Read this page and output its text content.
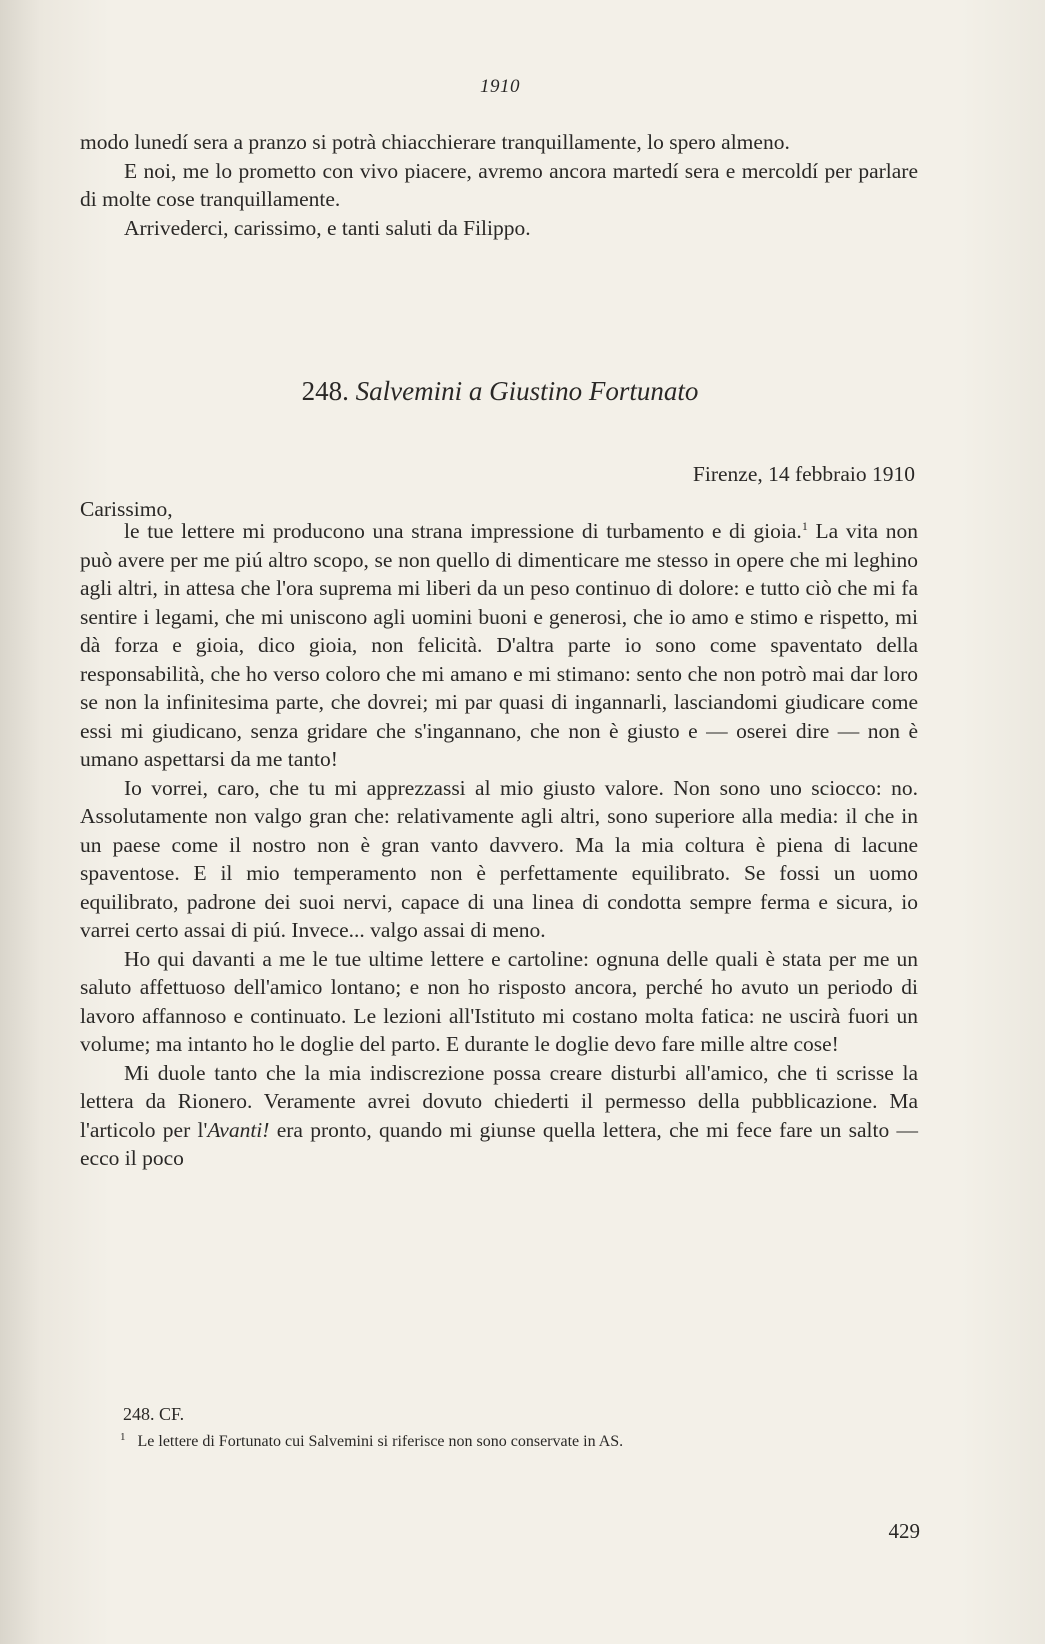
1910

modo lunedí sera a pranzo si potrà chiacchierare tranquillamente, lo spero almeno.

E noi, me lo prometto con vivo piacere, avremo ancora martedí sera e mercoldí per parlare di molte cose tranquillamente.

Arrivederci, carissimo, e tanti saluti da Filippo.

248. Salvemini a Giustino Fortunato
Firenze, 14 febbraio 1910
Carissimo,

le tue lettere mi producono una strana impressione di turbamento e di gioia.$^1$ La vita non può avere per me piú altro scopo, se non quello di dimenticare me stesso in opere che mi leghino agli altri, in attesa che l'ora suprema mi liberi da un peso continuo di dolore: e tutto ciò che mi fa sentire i legami, che mi uniscono agli uomini buoni e generosi, che io amo e stimo e rispetto, mi dà forza e gioia, dico gioia, non felicità. D'altra parte io sono come spaventato della responsabilità, che ho verso coloro che mi amano e mi stimano: sento che non potrò mai dar loro se non la infinitesima parte, che dovrei; mi par quasi di ingannarli, lasciandomi giudicare come essi mi giudicano, senza gridare che s'ingannano, che non è giusto e — oserei dire — non è umano aspettarsi da me tanto!

Io vorrei, caro, che tu mi apprezzassi al mio giusto valore. Non sono uno sciocco: no. Assolutamente non valgo gran che: relativamente agli altri, sono superiore alla media: il che in un paese come il nostro non è gran vanto davvero. Ma la mia coltura è piena di lacune spaventose. E il mio temperamento non è perfettamente equilibrato. Se fossi un uomo equilibrato, padrone dei suoi nervi, capace di una linea di condotta sempre ferma e sicura, io varrei certo assai di piú. Invece... valgo assai di meno.

Ho qui davanti a me le tue ultime lettere e cartoline: ognuna delle quali è stata per me un saluto affettuoso dell'amico lontano; e non ho risposto ancora, perché ho avuto un periodo di lavoro affannoso e continuato. Le lezioni all'Istituto mi costano molta fatica: ne uscirà fuori un volume; ma intanto ho le doglie del parto. E durante le doglie devo fare mille altre cose!

Mi duole tanto che la mia indiscrezione possa creare disturbi all'amico, che ti scrisse la lettera da Rionero. Veramente avrei dovuto chiederti il permesso della pubblicazione. Ma l'articolo per l'Avanti! era pronto, quando mi giunse quella lettera, che mi fece fare un salto — ecco il poco

248. CF.
$^1$ Le lettere di Fortunato cui Salvemini si riferisce non sono conservate in AS.
429
